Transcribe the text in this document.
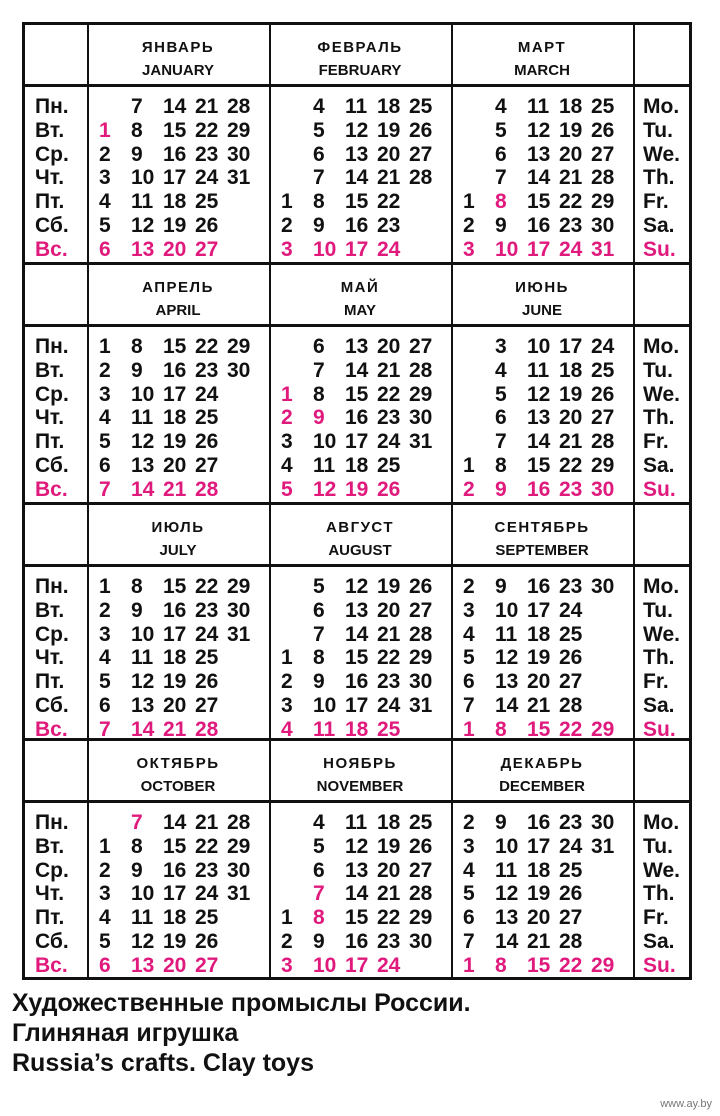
Пн.
Вт.
Ср.
Чт.
Пт.
Сб.
Вс.
7 14 21 28
1 8 15 22 29
2 9 16 23 30
3 10 17 24 31
4 11 18 25
5 12 19 26
6 13 20 27
4 11 18 25
5 12 19 26
6 13 20 27
7 14 21 28
1 8 15 22
2 9 16 23
3 10 17 24
4 11 18 25
5 12 19 26
6 13 20 27
7 14 21 28
1 8 15 22 29
2 9 16 23 30
3 10 17 24 31
Mo.
Tu.
We.
Th.
Fr.
Sa.
Su.
ЯНВАРЬ
JANUARY
ФЕВРАЛЬ
FEBRUARY
МАРТ
MARCH
Пн.
Вт.
Ср.
Чт.
Пт.
Сб.
Вс.
1 8 15 22 29
2 9 16 23 30
3 10 17 24
4 11 18 25
5 12 19 26
6 13 20 27
7 14 21 28
6 13 20 27
7 14 21 28
1 8 15 22 29
2 9 16 23 30
3 10 17 24 31
4 11 18 25
5 12 19 26
3 10 17 24
4 11 18 25
5 12 19 26
6 13 20 27
7 14 21 28
1 8 15 22 29
2 9 16 23 30
Mo.
Tu.
We.
Th.
Fr.
Sa.
Su.
АПРЕЛЬ
APRIL
МАЙ
MAY
ИЮНЬ
JUNE
Пн.
Вт.
Ср.
Чт.
Пт.
Сб.
Вс.
1 8 15 22 29
2 9 16 23 30
3 10 17 24 31
4 11 18 25
5 12 19 26
6 13 20 27
7 14 21 28
5 12 19 26
6 13 20 27
7 14 21 28
1 8 15 22 29
2 9 16 23 30
3 10 17 24 31
4 11 18 25
2 9 16 23 30
3 10 17 24
4 11 18 25
5 12 19 26
6 13 20 27
7 14 21 28
1 8 15 22 29
Mo.
Tu.
We.
Th.
Fr.
Sa.
Su.
ИЮЛЬ
JULY
АВГУСТ
AUGUST
СЕНТЯБРЬ
SEPTEMBER
Пн.
Вт.
Ср.
Чт.
Пт.
Сб.
Вс.
7 14 21 28
1 8 15 22 29
2 9 16 23 30
3 10 17 24 31
4 11 18 25
5 12 19 26
6 13 20 27
4 11 18 25
5 12 19 26
6 13 20 27
7 14 21 28
1 8 15 22 29
2 9 16 23 30
3 10 17 24
2 9 16 23 30
3 10 17 24 31
4 11 18 25
5 12 19 26
6 13 20 27
7 14 21 28
1 8 15 22 29
Mo.
Tu.
We.
Th.
Fr.
Sa.
Su.
ОКТЯБРЬ
OCTOBER
НОЯБРЬ
NOVEMBER
ДЕКАБРЬ
DECEMBER
Художественные промыслы России.
Глиняная игрушка
Russia’s crafts. Clay toys
www.ay.by
